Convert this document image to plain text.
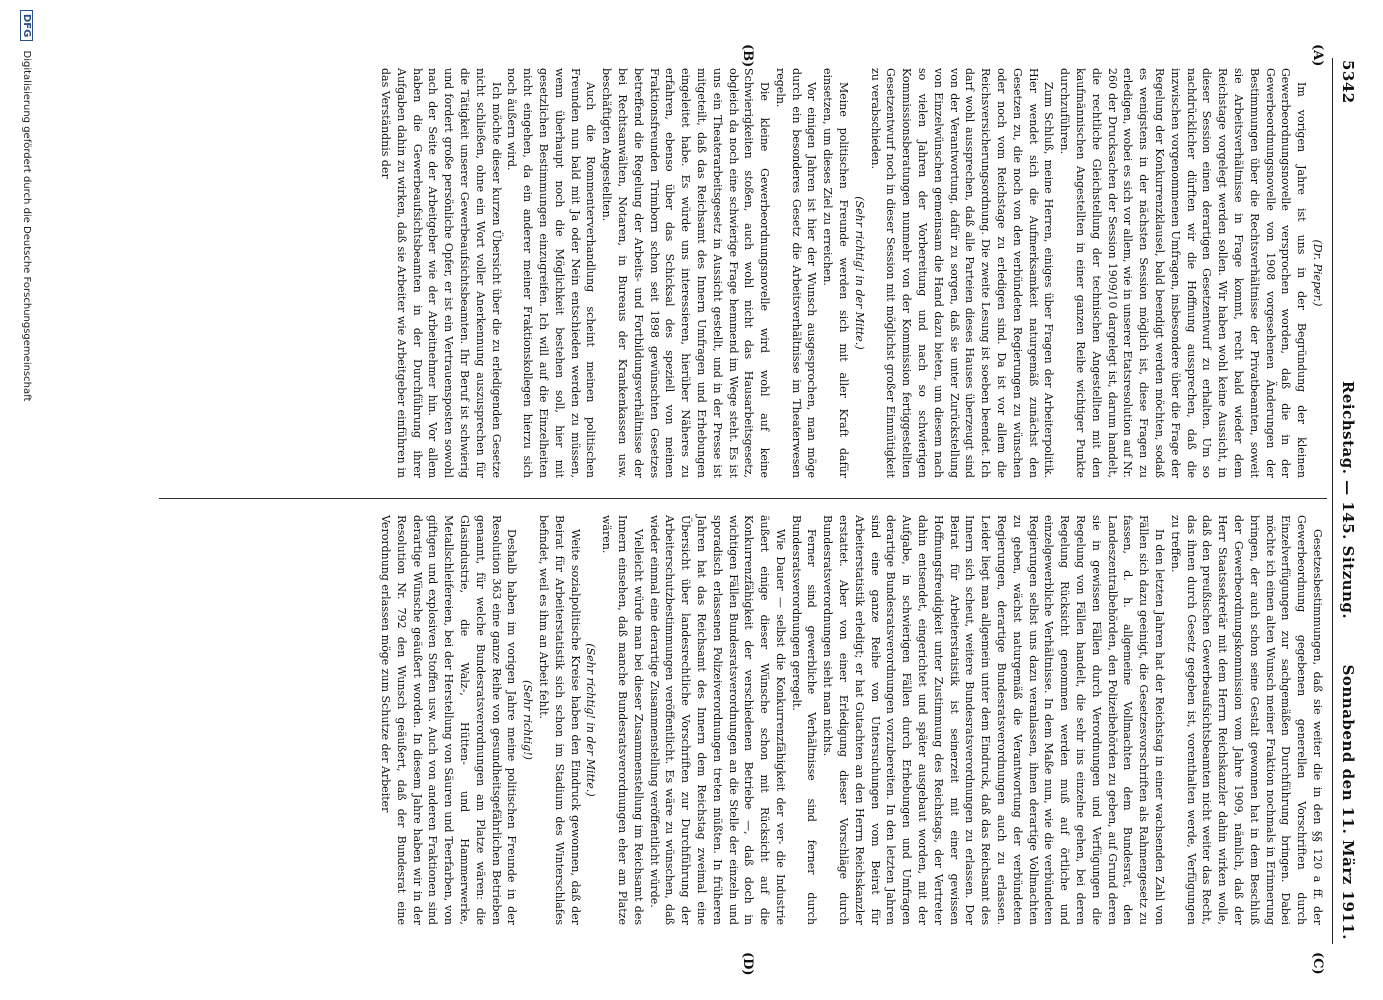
5342
Reichstag. — 145. Sitzung.
Sonnabend den 11. März 1911.
(A)
(B)
(C)
(D)

(Dr. Pieper.)

Im vorigen Jahre ist uns in der Begründung der kleinen Gewerbeordnungsnovelle versprochen worden, daß die in der Gewerbeordnungsnovelle von 1908 vorgesehenen Änderungen der Bestimmungen über die Rechtsverhältnisse der Privatbeamten, soweit sie Arbeitsverhältnisse in Frage kommt, recht bald wieder dem Reichstage vorgelegt werden sollen. Wir haben wohl keine Aussicht, in dieser Session einen derartigen Gesetzentwurf zu erhalten. Um so nachdrücklicher dürften wir die Hoffnung aussprechen, daß die inzwischen vorgenommenen Umfragen, insbesondere über die Frage der Regelung der Konkurrenzklausel, bald beendigt werden möchten, sodaß es wenigstens in der nächsten Session möglich ist, diese Fragen zu erledigen, wobei es sich vor allem, wie in unserer Etatsresolution auf Nr. 260 der Drucksachen der Session 1909/10 dargelegt ist, darum handelt, die rechtliche Gleichstellung der technischen Angestellten mit den kaufmännischen Angestellten in einer ganzen Reihe wichtiger Punkte durchzuführen.

Zum Schluß, meine Herren, einiges über Fragen der Arbeiterpolitik. Hier wendet sich die Aufmerksamkeit naturgemäß zunächst den Gesetzen zu, die noch von den verbündeten Regierungen zu wünschen oder noch vom Reichstage zu erledigen sind. Da ist vor allem die Reichsversicherungsordnung. Die zweite Lesung ist soeben beendet. Ich darf wohl aussprechen, daß alle Parteien dieses Hauses überzeugt sind von der Verantwortung, dafür zu sorgen, daß sie unter Zurückstellung von Einzelwünschen gemeinsam die Hand dazu bieten, um diesem nach so vielen Jahren der Vorbereitung und nach so schwierigen Kommissionsberatungen nunmehr von der Kommission fertiggestellten Gesetzentwurf noch in dieser Session mit möglichst großer Einmütigkeit zu verabschieden.

(Sehr richtig! in der Mitte.)

Meine politischen Freunde werden sich mit aller Kraft dafür einsetzen, um dieses Ziel zu erreichen.

Vor einigen Jahren ist hier der Wunsch ausgesprochen, man möge durch ein besonderes Gesetz die Arbeitsverhältnisse im Theaterwesen regeln.

Die kleine Gewerbeordnungsnovelle wird wohl auf keine Schwierigkeiten stoßen, auch wohl nicht das Hausarbeitsgesetz, obgleich da noch eine schwierige Frage hemmend im Wege steht. Es ist uns ein Theaterarbeitsgesetz in Aussicht gestellt, und in der Presse ist mitgeteilt, daß das Reichsamt des Innern Umfragen und Erhebungen eingeleitet habe. Es würde uns interessieren, hierüber Näheres zu erfahren, ebenso über das Schicksal des speziell von meinen Fraktionsfreunden Trimborn schon seit 1898 gewünschten Gesetzes betreffend die Regelung der Arbeits- und Fortbildungsverhältnisse der bei Rechtsanwälten, Notaren, in Bureaus der Krankenkassen usw. beschäftigten Angestellten.

Auch die Rommenterverhandlung scheint meinen politischen Freunden nun bald mit Ja oder Nein entschieden werden zu müssen, wenn überhaupt noch die Möglichkeit bestehen soll, hier mit gesetzlichen Bestimmungen einzugreifen. Ich will auf die Einzelheiten nicht eingehen, da ein anderer meiner Fraktionskollegen hierzu sich noch äußern wird.

Ich möchte dieser kurzen Übersicht über die zu erledigenden Gesetze nicht schließen, ohne ein Wort voller Anerkennung auszusprechen für die Tätigkeit unserer Gewerbeaufsichtsbeamten. Ihr Beruf ist schwierig und fordert große persönliche Opfer, er ist ein Vertrauensposten sowohl nach der Seite der Arbeitgeber wie der Arbeitnehmer hin. Vor allem haben die Gewerbeaufsichtsbeamten in der Durchführung ihrer Aufgaben dahin zu wirken, daß sie Arbeiter wie Arbeitgeber einführen in das Verständnis der

Gesetzesbestimmungen, daß sie weiter die in den §§ 120 a ff. der Gewerbeordnung gegebenen generellen Vorschriften durch Einzelverfügungen zur sachgemäßen Durchführung bringen. Dabei möchte ich einen alten Wunsch meiner Fraktion nochmals in Erinnerung bringen, der auch schon seine Gestalt gewonnen hat in dem Beschluß der Gewerbeordnungskommission vom Jahre 1909, nämlich, daß der Herr Staatssekretär mit dem Herrn Reichskanzler dahin wirken wolle, daß den preußischen Gewerbeaufsichtsbeamten nicht weiter das Recht, das ihnen durch Gesetz gegeben ist, vorenthalten werde, Verfügungen zu treffen.

In den letzten Jahren hat der Reichstag in einer wachsenden Zahl von Fällen sich dazu geeinigt, die Gesetzesvorschriften als Rahmengesetz zu fassen, d. h. allgemeine Vollmachten dem Bundesrat, den Landeszentralbehörden, den Polizeibehörden zu geben, auf Grund deren sie in gewissen Fällen durch Verordnungen und Verfügungen die Regelung von Fällen handelt, die sehr ins einzelne gehen, bei deren Regelung Rücksicht genommen werden muß auf örtliche und einzelgewerbliche Verhältnisse. In dem Maße nun, wie die verbündeten Regierungen selbst uns dazu veranlassen, ihnen derartige Vollmachten zu geben, wächst naturgemäß die Verantwortung der verbündeten Regierungen, derartige Bundesratsverordnungen auch zu erlassen. Leider liegt man allgemein unter dem Eindruck, daß das Reichsamt des Innern sich scheut, weitere Bundesratsverordnungen zu erlassen. Der Beirat für Arbeiterstatistik ist seinerzeit mit einer gewissen Hoffnungsfreudigkeit unter Zustimmung des Reichstags, der Vertreter dahin entsendet, eingerichtet und später ausgebaut worden, mit der Aufgabe, in schwierigen Fällen durch Erhebungen und Umfragen derartige Bundesratsverordnungen vorzubereiten. In den letzten Jahren sind eine ganze Reihe von Untersuchungen vom Beirat für Arbeiterstatistik erledigt; er hat Gutachten an den Herrn Reichskanzler erstattet. Aber von einer Erledigung dieser Vorschläge durch Bundesratsverordnungen sieht man nichts.

Ferner sind gewerbliche Verhältnisse sind ferner durch Bundesratsverordnungen geregelt.

Wie Dauer — selbst die Konkurrenzfähigkeit der ver- die Industrie äußert einige dieser Wünsche schon mit Rücksicht auf die Konkurrenzfähigkeit der verschiedenen Betriebe —, daß doch in wichtigen Fällen Bundesratsverordnungen an die Stelle der einzeln und sporadisch erlassenen Polizeiverordnungen treten müßten. In früheren Jahren hat das Reichsamt des Innern dem Reichstag zweimal eine Übersicht über landesrechtliche Vorschriften zur Durchführung der Arbeiterschutzbestimmungen veröffentlicht. Es wäre zu wünschen, daß wieder einmal eine derartige Zusammenstellung veröffentlicht würde.

Vielleicht würde man bei dieser Zusammenstellung im Reichsamt des Innern einsehen, daß manche Bundesratsverordnungen eher am Platze wären.

(Sehr richtig! in der Mitte.)

Weite sozialpolitische Kreise haben den Eindruck gewonnen, daß der Beirat für Arbeiterstatistik sich schon im Stadium des Winterschlafes befindet, weil es ihm an Arbeit fehlt.

(Sehr richtig!)

Deshalb haben im vorigen Jahre meine politischen Freunde in der Resolution 363 eine ganze Reihe von gesundheitsgefährlichen Betrieben genannt, für welche Bundesratsverordnungen am Platze wären: die Glasindustrie, die Walz-, Hütten- und Hammerwerke, Metallschleifereien, bei der Herstellung von Säuren und Teerfarben, von giftigen und explosiven Stoffen usw. Auch von anderen Fraktionen sind derartige Wünsche geäußert worden. In diesem Jahre haben wir in der Resolution Nr. 792 den Wunsch geäußert, daß der Bundesrat eine Verordnung erlassen möge zum Schutze der Arbeiter

DFG Digitalisierung gefördert durch die Deutsche Forschungsgemeinschaft
